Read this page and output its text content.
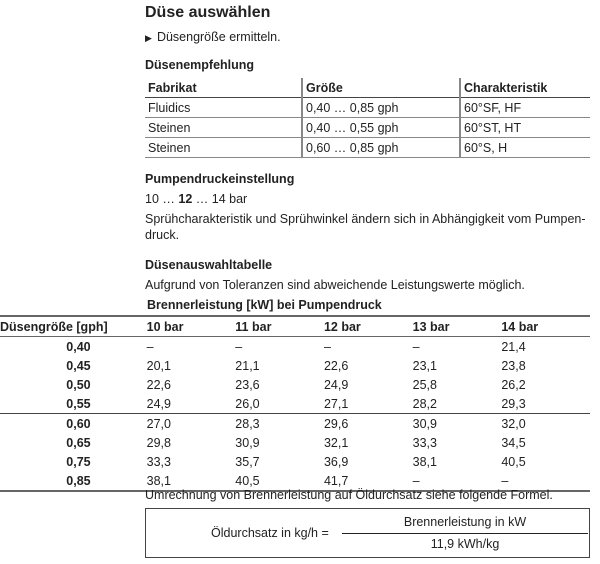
Düse auswählen
▶  Düsengröße ermitteln.
Düsenempfehlung
Fabrikat	Größe	Charakteristik
Fluidics	0,40 … 0,85 gph	60°SF, HF
Steinen	0,40 … 0,55 gph	60°ST, HT
Steinen	0,60 … 0,85 gph	60°S, H
Pumpendruckeinstellung
10 … 12 … 14 bar
Sprühcharakteristik und Sprühwinkel ändern sich in Abhängigkeit vom Pumpen-
druck.
Düsenauswahltabelle
Aufgrund von Toleranzen sind abweichende Leistungswerte möglich.
Brennerleistung [kW] bei Pumpendruck
Düsengröße [gph]	10 bar	11 bar	12 bar	13 bar	14 bar
0,40	–	–	–	–	21,4
0,45	20,1	21,1	22,6	23,1	23,8
0,50	22,6	23,6	24,9	25,8	26,2
0,55	24,9	26,0	27,1	28,2	29,3
0,60	27,0	28,3	29,6	30,9	32,0
0,65	29,8	30,9	32,1	33,3	34,5
0,75	33,3	35,7	36,9	38,1	40,5
0,85	38,1	40,5	41,7	–	–
Umrechnung von Brennerleistung auf Öldurchsatz siehe folgende Formel.
Öldurchsatz in kg/h =
Brennerleistung in kW
11,9 kWh/kg
